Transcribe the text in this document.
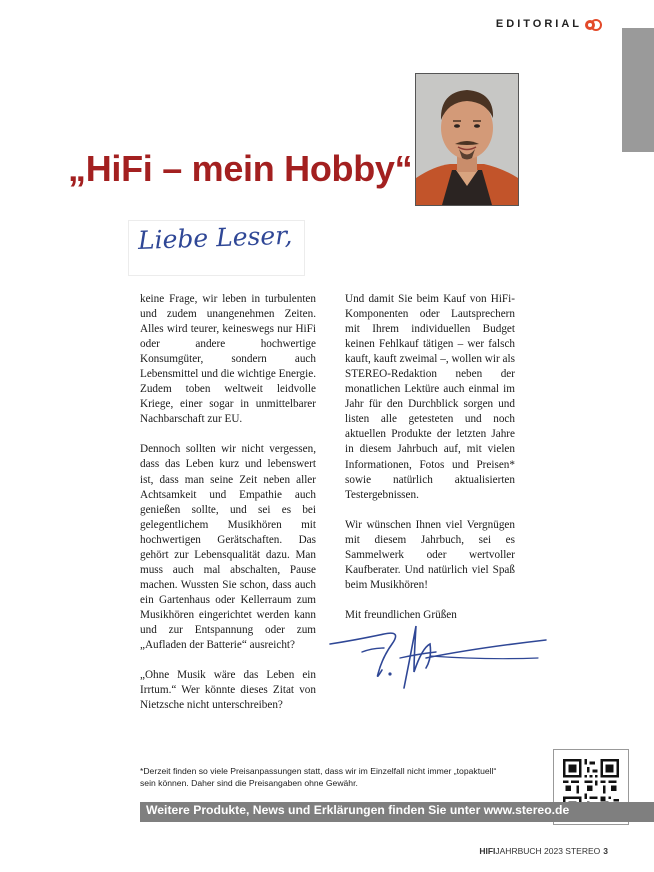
EDITORIAL
„HiFi – mein Hobby“
Liebe Leser,

keine Frage, wir leben in turbulenten und zudem unangenehmen Zeiten. Alles wird teurer, keineswegs nur HiFi oder andere hochwertige Konsumgüter, sondern auch Lebensmittel und die wichtige Energie. Zudem toben weltweit leidvolle Kriege, einer sogar in unmittelbarer Nachbarschaft zur EU.

Dennoch sollten wir nicht vergessen, dass das Leben kurz und lebenswert ist, dass man seine Zeit neben aller Achtsamkeit und Empathie auch genießen sollte, und sei es bei gelegentlichem Musikhören mit hochwertigen Gerätschaften. Das gehört zur Lebensqualität dazu. Man muss auch mal abschalten, Pause machen. Wussten Sie schon, dass auch ein Gartenhaus oder Kellerraum zum Musikhören eingerichtet werden kann und zur Entspannung oder zum „Aufladen der Batterie“ ausreicht?

„Ohne Musik wäre das Leben ein Irrtum.“ Wer könnte dieses Zitat von Nietzsche nicht unterschreiben?

Und damit Sie beim Kauf von HiFi-Komponenten oder Lautsprechern mit Ihrem individuellen Budget keinen Fehlkauf tätigen – wer falsch kauft, kauft zweimal –, wollen wir als STEREO-Redaktion neben der monatlichen Lektüre auch einmal im Jahr für den Durchblick sorgen und listen alle getesteten und noch aktuellen Produkte der letzten Jahre in diesem Jahrbuch auf, mit vielen Informationen, Fotos und Preisen* sowie natürlich aktualisierten Testergebnissen.

Wir wünschen Ihnen viel Vergnügen mit diesem Jahrbuch, sei es Sammelwerk oder wertvoller Kaufberater. Und natürlich viel Spaß beim Musikhören!

Mit freundlichen Grüßen

*Derzeit finden so viele Preisanpassungen statt, dass wir im Einzelfall nicht immer „topaktuell“
sein können. Daher sind die Preisangaben ohne Gewähr.
Weitere Produkte, News und Erklärungen finden Sie unter www.stereo.de
HIFIJAHRBUCH 2023 STEREO 3
